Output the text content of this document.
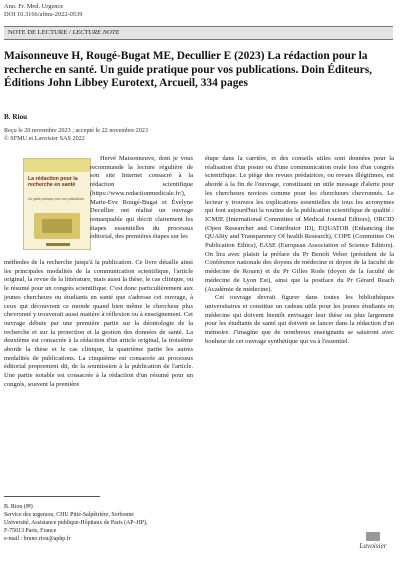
Ann. Fr. Med. Urgence
DOI 10.3166/afmu-2022-0539
NOTE DE LECTURE / LECTURE NOTE
Maisonneuve H, Rougé-Bugat ME, Decullier E (2023) La rédaction pour la recherche en santé. Un guide pratique pour vos publications. Doin Éditeurs, Éditions John Libbey Eurotext, Arcueil, 334 pages
B. Riou
Reçu le 20 novembre 2023 ; accepté le 22 novembre 2023
© SFMU et Lavoisier SAS 2022
La rédaction pour la recherche en santé
Un guide pratique pour vos publications

Hervé Maisonneuve, dont je vous recommande la lecture régulière de son site Internet consacré à la rédaction scientifique (https://www.redactionmedicale.fr/), Marie-Eve Rougé-Bugat et Évelyne Decullier ont réalisé un ouvrage remarquable qui décrit clairement les étapes essentielles du processus éditorial, des premières étapes sur les

méthodes de la recherche jusqu'à la publication. Ce livre détaille ainsi les principales modalités de la communication scientifique, l'article original, la revue de la littérature, mais aussi la thèse, le cas clinique, ou le résumé pour un congrès scientifique. C'est donc particulièrement aux jeunes chercheurs ou étudiants en santé que s'adresse cet ouvrage, à ceux qui découvrent ce monde quand bien même le chercheur plus chevronné y trouverait aussi matière à réflexion ou à enseignement. Cet ouvrage débute par une première partie sur la déontologie de la recherche et sur la protection et la gestion des données de santé. La deuxième est consacrée à la rédaction d'un article original, la troisième aborde la thèse et le cas clinique, la quatrième partie les autres modalités de publications. La cinquième est consacrée au processus éditorial proprement dit, de la soumission à la publication de l'article. Une partie notable est consacrée à la rédaction d'un résumé pour un congrès, souvent la première

étape dans la carrière, et des conseils utiles sont données pour la réalisation d'un poster ou d'une communication orale lors d'un congrès scientifique. Le piège des revues prédatrices, ou revues illégitimes, est abordé à la fin de l'ouvrage, constituant un utile message d'alerte pour les chercheurs novices comme pour les chercheurs chevronnés. Le lecteur y trouvera les explications essentielles de tous les acronymes qui font aujourd'hui la routine de la publication scientifique de qualité : ICMJE (International Committee of Medical Journal Editors), ORCID (Open Researcher and Contributor ID), EQUATOR (Enhancing the QUAlity and Transparency Of health Research), COPE (Committee On Publication Ethics), EASE (European Association of Science Editors). On lira avec plaisir la préface du Pr Benoît Veber (président de la Conférence nationale des doyens de médecine et doyen de la faculté de médecine de Rouen) et du Pr Gilles Rode (doyen de la faculté de médecine de Lyon Est), ainsi que la postface du Pr Gérard Reach (Académie de médecine).

Cet ouvrage devrait figurer dans toutes les bibliothèques universitaires et constitue un cadeau utile pour les jeunes étudiants en médecine qui doivent bientôt envisager leur thèse ou plus largement pour les étudiants de santé qui doivent se lancer dans la rédaction d'un mémoire. J'imagine que de nombreux enseignants se saisiront avec bonheur de cet ouvrage synthétique qui va à l'essentiel.

B. Riou (✉)
Service des urgences, CHU Pitié-Salpêtrière, Sorbonne
Université, Assistance publique-Hôpitaux de Paris (AP–HP),
F-75013 Paris, France
e-mail : bruno.riou@aphp.fr
Lavoisier
